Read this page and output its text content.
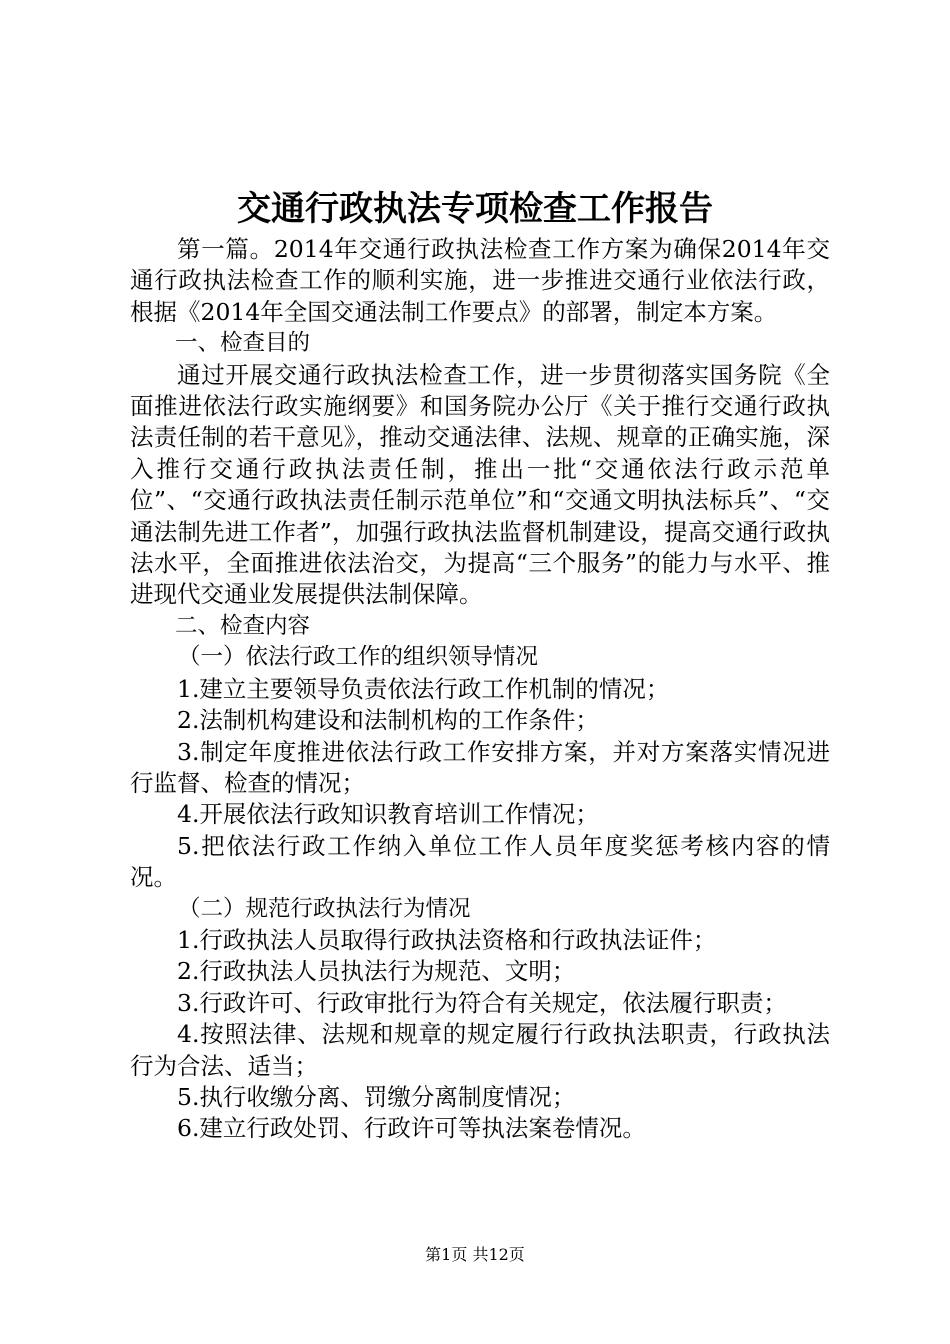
交通行政执法专项检查工作报告

第一篇。2014年交通行政执法检查工作方案为确保2014年交通行政执法检查工作的顺利实施，进一步推进交通行业依法行政，根据《2014年全国交通法制工作要点》的部署，制定本方案。

一、检查目的

通过开展交通行政执法检查工作，进一步贯彻落实国务院《全面推进依法行政实施纲要》和国务院办公厅《关于推行交通行政执法责任制的若干意见》，推动交通法律、法规、规章的正确实施，深入推行交通行政执法责任制，推出一批“交通依法行政示范单位”、“交通行政执法责任制示范单位”和“交通文明执法标兵”、“交通法制先进工作者”，加强行政执法监督机制建设，提高交通行政执法水平，全面推进依法治交，为提高“三个服务”的能力与水平、推进现代交通业发展提供法制保障。

二、检查内容

（一）依法行政工作的组织领导情况

1.建立主要领导负责依法行政工作机制的情况；

2.法制机构建设和法制机构的工作条件；

3.制定年度推进依法行政工作安排方案，并对方案落实情况进行监督、检查的情况；

4.开展依法行政知识教育培训工作情况；

5.把依法行政工作纳入单位工作人员年度奖惩考核内容的情况。

（二）规范行政执法行为情况

1.行政执法人员取得行政执法资格和行政执法证件；

2.行政执法人员执法行为规范、文明；

3.行政许可、行政审批行为符合有关规定，依法履行职责；

4.按照法律、法规和规章的规定履行行政执法职责，行政执法行为合法、适当；

5.执行收缴分离、罚缴分离制度情况；

6.建立行政处罚、行政许可等执法案卷情况。

第1页 共12页
